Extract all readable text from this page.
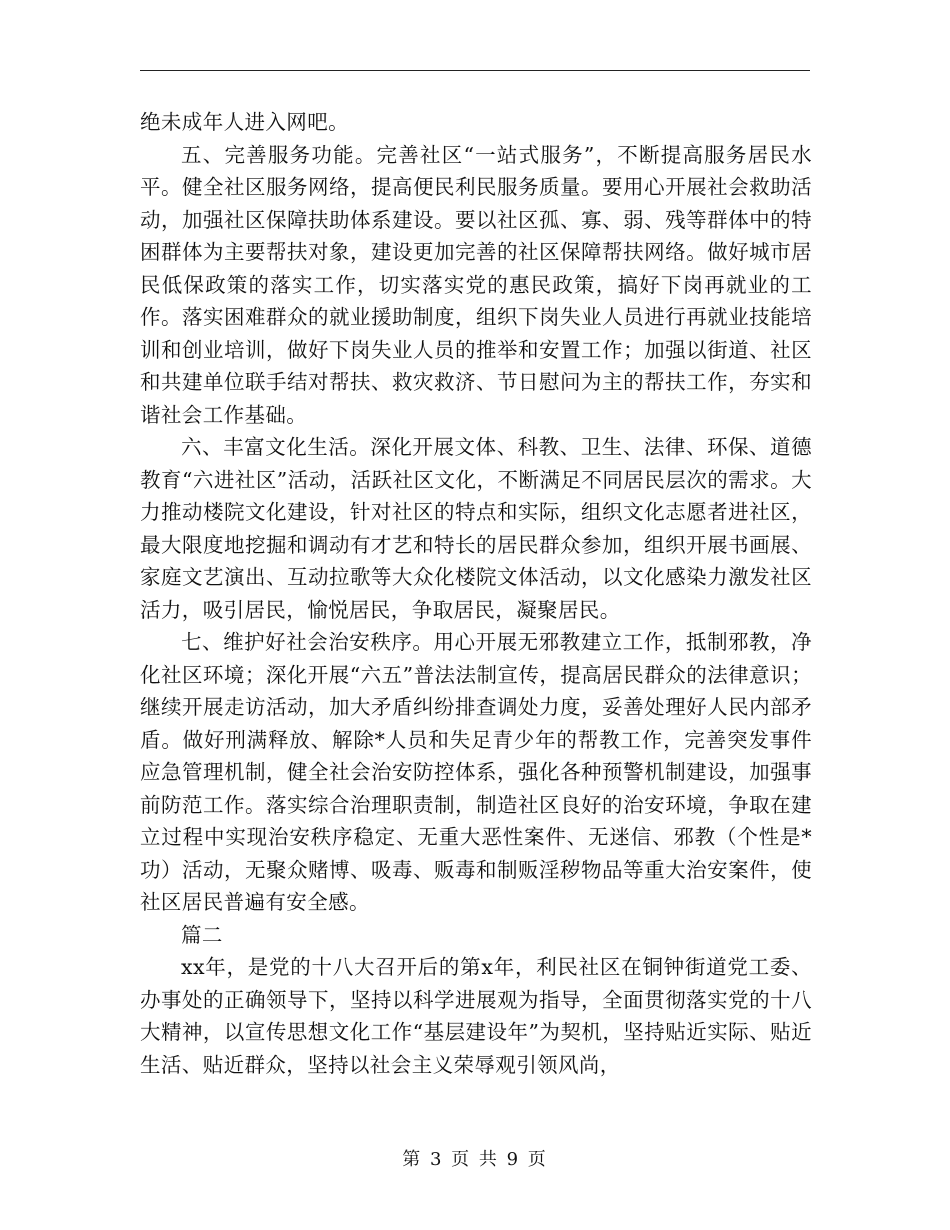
绝未成年人进入网吧。

五、完善服务功能。完善社区“一站式服务”，不断提高服务居民水平。健全社区服务网络，提高便民利民服务质量。要用心开展社会救助活动，加强社区保障扶助体系建设。要以社区孤、寡、弱、残等群体中的特困群体为主要帮扶对象，建设更加完善的社区保障帮扶网络。做好城市居民低保政策的落实工作，切实落实党的惠民政策，搞好下岗再就业的工作。落实困难群众的就业援助制度，组织下岗失业人员进行再就业技能培训和创业培训，做好下岗失业人员的推举和安置工作；加强以街道、社区和共建单位联手结对帮扶、救灾救济、节日慰问为主的帮扶工作，夯实和谐社会工作基础。

六、丰富文化生活。深化开展文体、科教、卫生、法律、环保、道德教育“六进社区”活动，活跃社区文化，不断满足不同居民层次的需求。大力推动楼院文化建设，针对社区的特点和实际，组织文化志愿者进社区，最大限度地挖掘和调动有才艺和特长的居民群众参加，组织开展书画展、家庭文艺演出、互动拉歌等大众化楼院文体活动，以文化感染力激发社区活力，吸引居民，愉悦居民，争取居民，凝聚居民。

七、维护好社会治安秩序。用心开展无邪教建立工作，抵制邪教，净化社区环境；深化开展“六五”普法法制宣传，提高居民群众的法律意识；继续开展走访活动，加大矛盾纠纷排查调处力度，妥善处理好人民内部矛盾。做好刑满释放、解除*人员和失足青少年的帮教工作，完善突发事件应急管理机制，健全社会治安防控体系，强化各种预警机制建设，加强事前防范工作。落实综合治理职责制，制造社区良好的治安环境，争取在建立过程中实现治安秩序稳定、无重大恶性案件、无迷信、邪教（个性是*功）活动，无聚众赌博、吸毒、贩毒和制贩淫秽物品等重大治安案件，使社区居民普遍有安全感。

篇二

xx年，是党的十八大召开后的第x年，利民社区在铜钟街道党工委、办事处的正确领导下，坚持以科学进展观为指导，全面贯彻落实党的十八大精神，以宣传思想文化工作“基层建设年”为契机，坚持贴近实际、贴近生活、贴近群众，坚持以社会主义荣辱观引领风尚，

第 3 页 共 9 页
